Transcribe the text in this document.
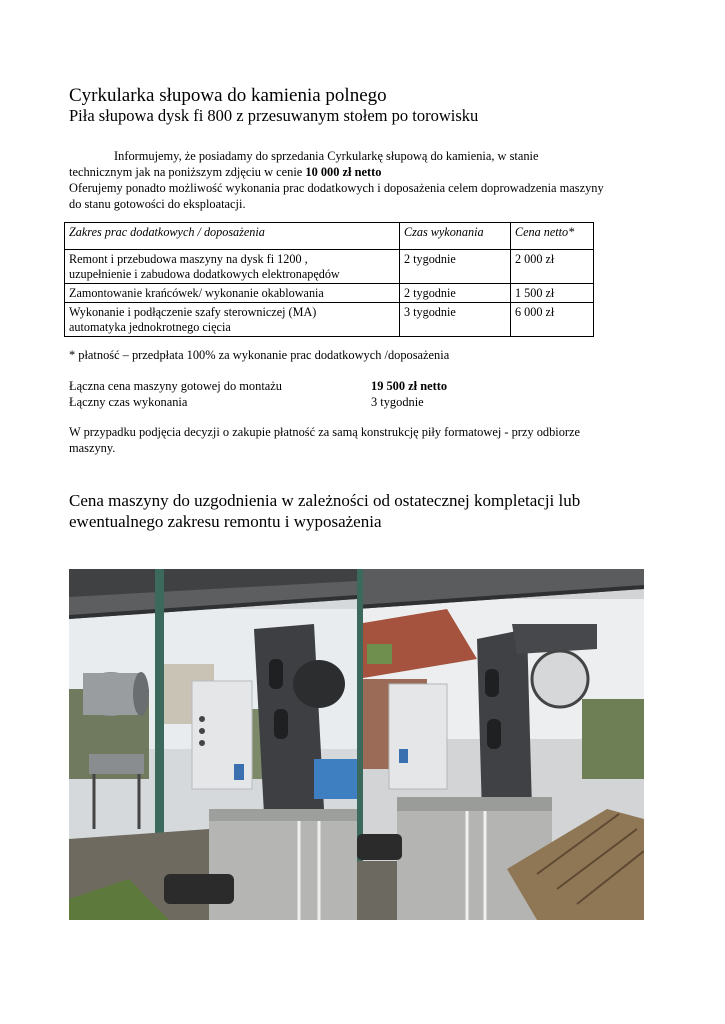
Cyrkularka słupowa do kamienia polnego
Piła słupowa dysk fi 800 z przesuwanym stołem po torowisku
Informujemy, że posiadamy do sprzedania Cyrkularkę słupową do kamienia, w stanie
technicznym jak na poniższym zdjęciu w cenie 10 000 zł netto
Oferujemy ponadto możliwość wykonania prac dodatkowych i doposażenia celem doprowadzenia maszyny
do stanu gotowości do eksploatacji.
Zakres prac dodatkowych / doposażenia	Czas wykonania	Cena netto*

Remont i przebudowa maszyny na dysk fi 1200 ,
uzupełnienie i zabudowa dodatkowych elektronapędów	2 tygodnie	2 000 zł

Zamontowanie krańcówek/ wykonanie okablowania	2 tygodnie	1 500 zł

Wykonanie i podłączenie szafy sterowniczej (MA)
automatyka jednokrotnego cięcia	3 tygodnie	6 000 zł
* płatność – przedpłata 100% za wykonanie prac dodatkowych /doposażenia
Łączna cena maszyny gotowej do montażu	19 500 zł netto
Łączny czas wykonania	3 tygodnie
W przypadku podjęcia decyzji o zakupie płatność za samą konstrukcję piły formatowej - przy odbiorze
maszyny.
Cena maszyny do uzgodnienia w zależności od ostatecznej kompletacji lub
ewentualnego zakresu remontu i wyposażenia
